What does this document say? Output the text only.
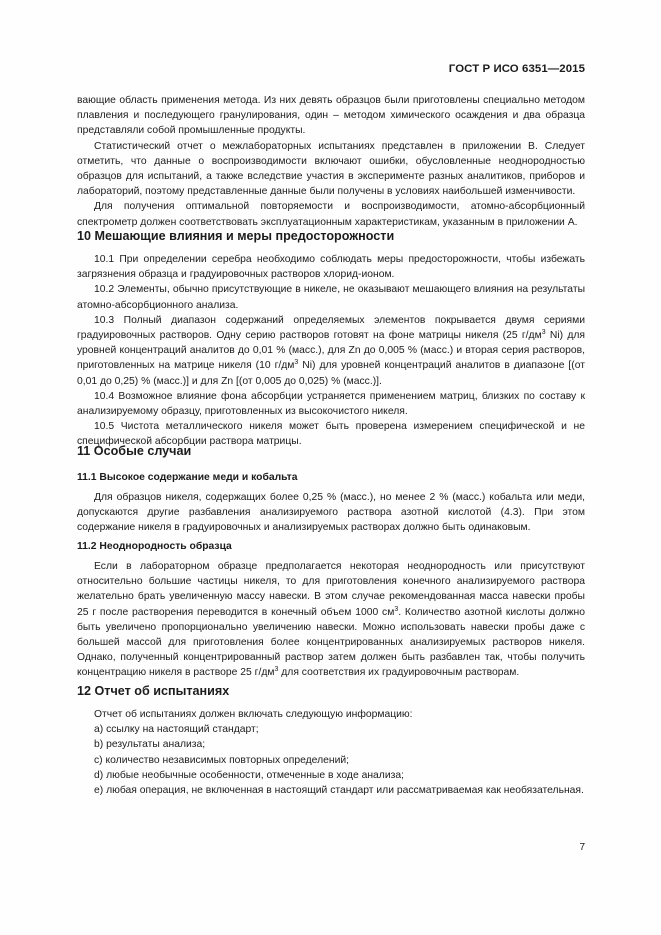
ГОСТ Р ИСО 6351—2015

вающие область применения метода. Из них девять образцов были приготовлены специально методом плавления и последующего гранулирования, один – методом химического осаждения и два образца представляли собой промышленные продукты.

Статистический отчет о межлабораторных испытаниях представлен в приложении В. Следует отметить, что данные о воспроизводимости включают ошибки, обусловленные неоднородностью образцов для испытаний, а также вследствие участия в эксперименте разных аналитиков, приборов и лабораторий, поэтому представленные данные были получены в условиях наибольшей изменчивости.

Для получения оптимальной повторяемости и воспроизводимости, атомно-абсорбционный спектрометр должен соответствовать эксплуатационным характеристикам, указанным в приложении А.

10 Мешающие влияния и меры предосторожности

10.1 При определении серебра необходимо соблюдать меры предосторожности, чтобы избежать загрязнения образца и градуировочных растворов хлорид-ионом.

10.2 Элементы, обычно присутствующие в никеле, не оказывают мешающего влияния на результаты атомно-абсорбционного анализа.

10.3 Полный диапазон содержаний определяемых элементов покрывается двумя сериями градуировочных растворов. Одну серию растворов готовят на фоне матрицы никеля (25 $г/дм^3$ Ni) для уровней концентраций аналитов до 0,01 % (масс.), для Zn до 0,005 % (масс.) и вторая серия растворов, приготовленных на матрице никеля (10 $г/дм^3$ Ni) для уровней концентраций аналитов в диапазоне [(от 0,01 до 0,25) % (масс.)] и для Zn [(от 0,005 до 0,025) % (масс.)].

10.4 Возможное влияние фона абсорбции устраняется применением матриц, близких по составу к анализируемому образцу, приготовленных из высокочистого никеля.

10.5 Чистота металлического никеля может быть проверена измерением специфической и не специфической абсорбции раствора матрицы.

11 Особые случаи
11.1 Высокое содержание меди и кобальта

Для образцов никеля, содержащих более 0,25 % (масс.), но менее 2 % (масс.) кобальта или меди, допускаются другие разбавления анализируемого раствора азотной кислотой (4.3). При этом содержание никеля в градуировочных и анализируемых растворах должно быть одинаковым.

11.2 Неоднородность образца

Если в лабораторном образце предполагается некоторая неоднородность или присутствуют относительно большие частицы никеля, то для приготовления конечного анализируемого раствора желательно брать увеличенную массу навески. В этом случае рекомендованная масса навески пробы 25 г после растворения переводится в конечный объем 1000 $см^3$. Количество азотной кислоты должно быть увеличено пропорционально увеличению навески. Можно использовать навески пробы даже с большей массой для приготовления более концентрированных анализируемых растворов никеля. Однако, полученный концентрированный раствор затем должен быть разбавлен так, чтобы получить концентрацию никеля в растворе 25 $г/дм^3$ для соответствия их градуировочным растворам.

12 Отчет об испытаниях

Отчет об испытаниях должен включать следующую информацию:

a) ссылку на настоящий стандарт;

b) результаты анализа;

c) количество независимых повторных определений;

d) любые необычные особенности, отмеченные в ходе анализа;

e) любая операция, не включенная в настоящий стандарт или рассматриваемая как необязательная.

7
